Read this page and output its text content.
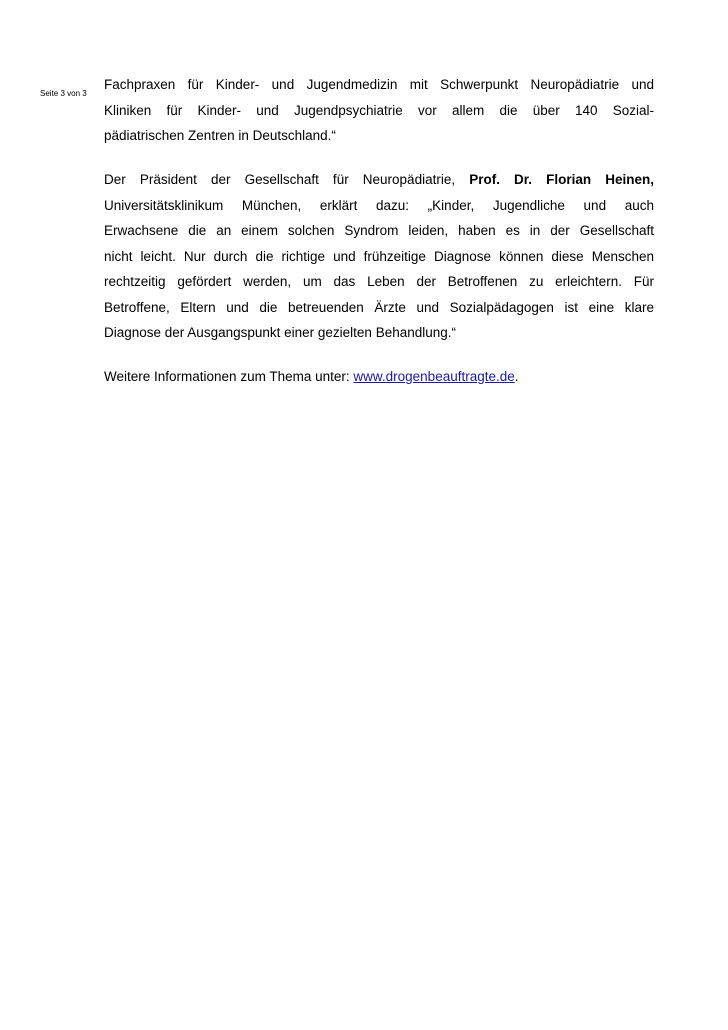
Seite 3 von 3
Fachpraxen für Kinder- und Jugendmedizin mit Schwerpunkt Neuropädiatrie und
Kliniken für Kinder- und Jugendpsychiatrie vor allem die über 140 Sozial-
pädiatrischen Zentren in Deutschland.“
Der Präsident der Gesellschaft für Neuropädiatrie, Prof. Dr. Florian Heinen,
Universitätsklinikum München, erklärt dazu: „Kinder, Jugendliche und auch
Erwachsene die an einem solchen Syndrom leiden, haben es in der Gesellschaft
nicht leicht. Nur durch die richtige und frühzeitige Diagnose können diese Menschen
rechtzeitig gefördert werden, um das Leben der Betroffenen zu erleichtern. Für
Betroffene, Eltern und die betreuenden Ärzte und Sozialpädagogen ist eine klare
Diagnose der Ausgangspunkt einer gezielten Behandlung.“
Weitere Informationen zum Thema unter: www.drogenbeauftragte.de.
